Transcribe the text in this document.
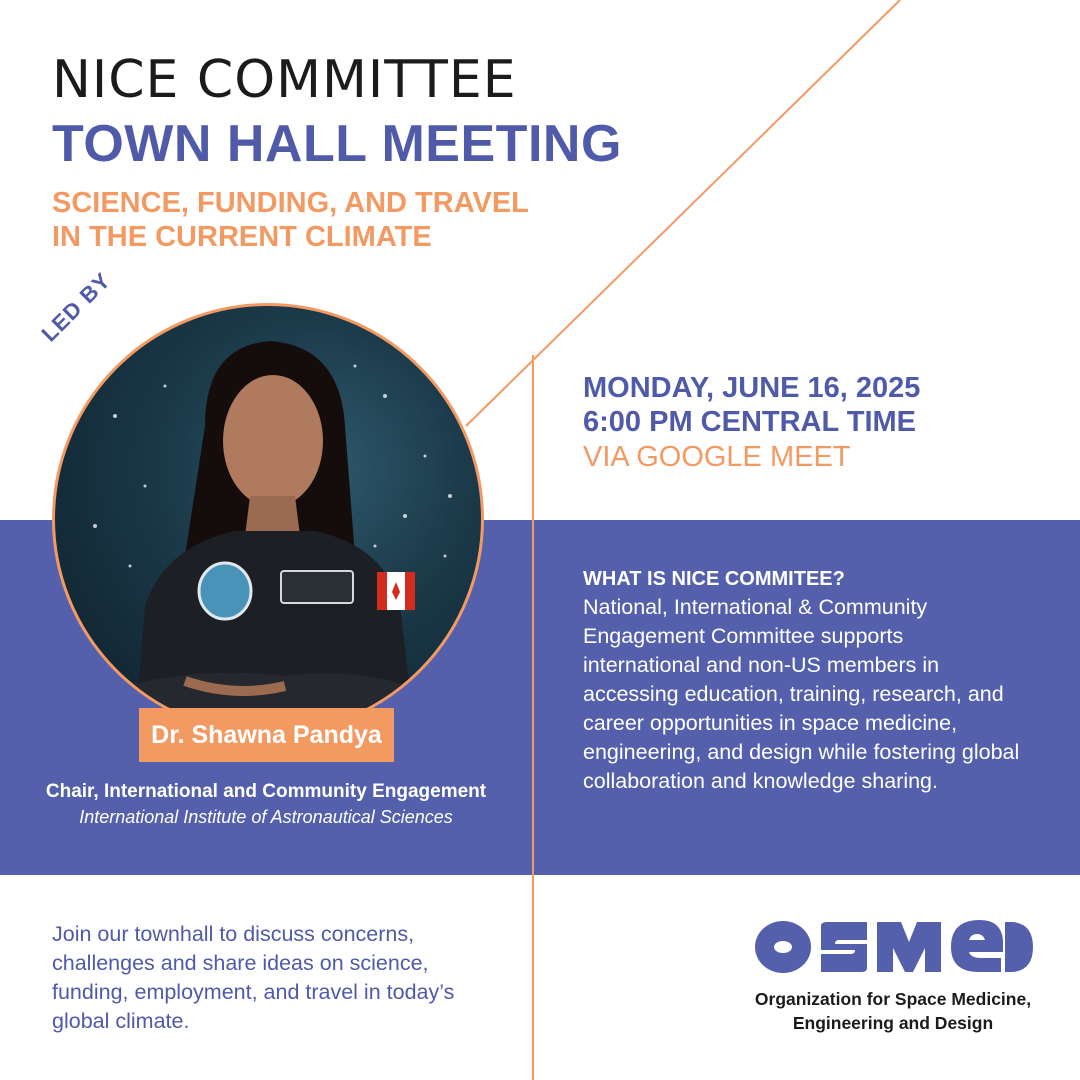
NICE COMMITTEE
TOWN HALL MEETING
SCIENCE, FUNDING, AND TRAVEL
IN THE CURRENT CLIMATE
LED BY
Dr. Shawna Pandya
Chair, International and Community Engagement
International Institute of Astronautical Sciences
MONDAY, JUNE 16, 2025
6:00 PM CENTRAL TIME
VIA GOOGLE MEET
WHAT IS NICE COMMITEE?
National, International & Community Engagement Committee supports international and non-US members in accessing education, training, research, and career opportunities in space medicine, engineering, and design while fostering global collaboration and knowledge sharing.
Join our townhall to discuss concerns, challenges and share ideas on science, funding, employment, and travel in today’s global climate.
Organization for Space Medicine,
Engineering and Design
